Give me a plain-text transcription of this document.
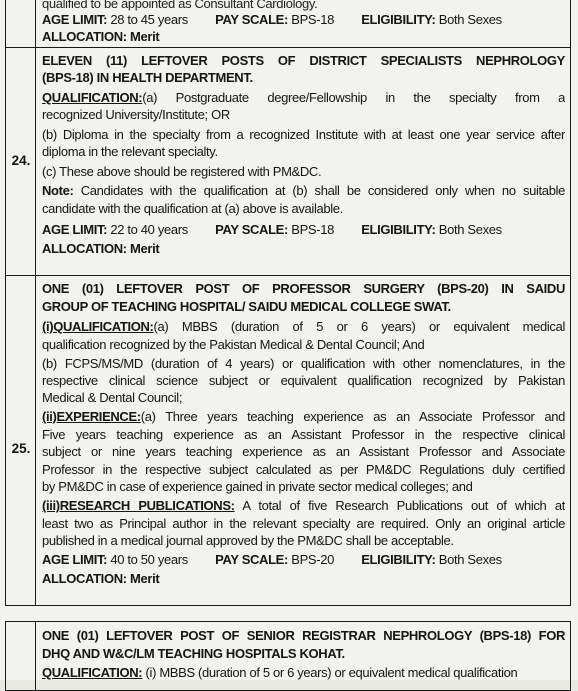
qualified to be appointed as Consultant Cardiology.
AGE LIMIT: 28 to 45 years PAY SCALE: BPS-18 ELIGIBILITY: Both Sexes
ALLOCATION: Merit
24.
ELEVEN (11) LEFTOVER POSTS OF DISTRICT SPECIALISTS NEPHROLOGY
(BPS-18) IN HEALTH DEPARTMENT.
QUALIFICATION:(a) Postgraduate degree/Fellowship in the specialty from a
recognized University/Institute; OR
(b) Diploma in the specialty from a recognized Institute with at least one year service after
diploma in the relevant specialty.
(c) These above should be registered with PM&DC.
Note: Candidates with the qualification at (b) shall be considered only when no suitable
candidate with the qualification at (a) above is available.
AGE LIMIT: 22 to 40 years PAY SCALE: BPS-18 ELIGIBILITY: Both Sexes
ALLOCATION: Merit
25.
ONE (01) LEFTOVER POST OF PROFESSOR SURGERY (BPS-20) IN SAIDU
GROUP OF TEACHING HOSPITAL/ SAIDU MEDICAL COLLEGE SWAT.
(i)QUALIFICATION:(a) MBBS (duration of 5 or 6 years) or equivalent medical
qualification recognized by the Pakistan Medical & Dental Council; And
(b) FCPS/MS/MD (duration of 4 years) or qualification with other nomenclatures, in the
respective clinical science subject or equivalent qualification recognized by Pakistan
Medical & Dental Council;
(ii)EXPERIENCE:(a) Three years teaching experience as an Associate Professor and
Five years teaching experience as an Assistant Professor in the respective clinical
subject or nine years teaching experience as an Assistant Professor and Associate
Professor in the respective subject calculated as per PM&DC Regulations duly certified
by PM&DC in case of experience gained in private sector medical colleges; and
(iii)RESEARCH PUBLICATIONS: A total of five Research Publications out of which at
least two as Principal author in the relevant specialty are required. Only an original article
published in a medical journal approved by the PM&DC shall be acceptable.
AGE LIMIT: 40 to 50 years PAY SCALE: BPS-20 ELIGIBILITY: Both Sexes
ALLOCATION: Merit
ONE (01) LEFTOVER POST OF SENIOR REGISTRAR NEPHROLOGY (BPS-18) FOR
DHQ AND W&C/LM TEACHING HOSPITALS KOHAT.
QUALIFICATION: (i) MBBS (duration of 5 or 6 years) or equivalent medical qualification
